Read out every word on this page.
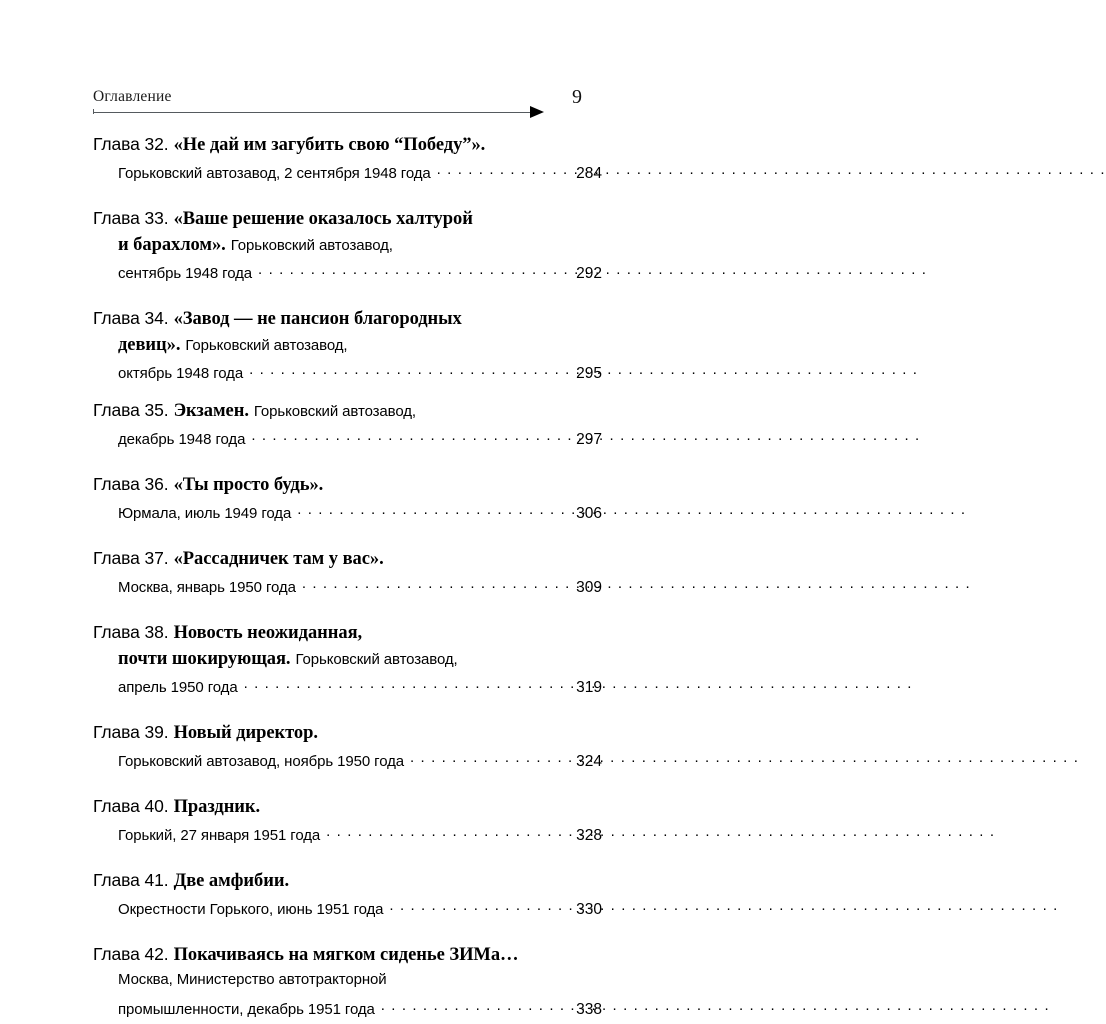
Оглавление	9
Глава 32. «Не дай им загубить свою “Победу”».
Горьковский автозавод, 2 сентября 1948 года . . .	284
Глава 33. «Ваше решение оказалось халтурой
и барахлом». Горьковский автозавод,
сентябрь 1948 года . . .	292
Глава 34. «Завод — не пансион благородных
девиц». Горьковский автозавод,
октябрь 1948 года . . .	295
Глава 35. Экзамен. Горьковский автозавод,
декабрь 1948 года . . .	297
Глава 36. «Ты просто будь».
Юрмала, июль 1949 года . . .	306
Глава 37. «Рассадничек там у вас».
Москва, январь 1950 года . . .	309
Глава 38. Новость неожиданная,
почти шокирующая. Горьковский автозавод,
апрель 1950 года . . .	319
Глава 39. Новый директор.
Горьковский автозавод, ноябрь 1950 года . . .	324
Глава 40. Праздник.
Горький, 27 января 1951 года . . .	328
Глава 41. Две амфибии.
Окрестности Горького, июнь 1951 года . . .	330
Глава 42. Покачиваясь на мягком сиденье ЗИМа…
Москва, Министерство автотракторной
промышленности, декабрь 1951 года . . .	338
